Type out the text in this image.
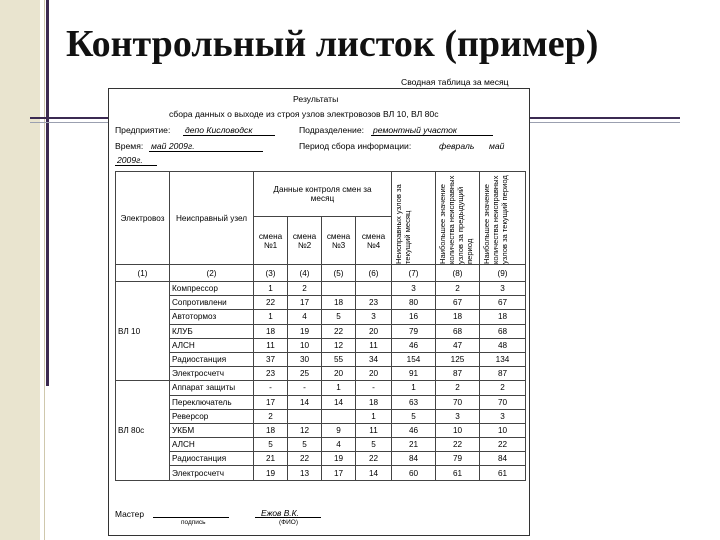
Контрольный листок (пример)
Сводная таблица за месяц
Результаты
сбора данных о выходе из строя узлов электровозов ВЛ 10, ВЛ 80с
Предприятие: депо Кисловодск	Подразделение: ремонтный участок
Время: май 2009г.	Период сбора информации:	февраль май
2009г.
Электровоз	Неисправный узел	Данные контроля смен за месяц				Неисправных узлов за текущий месяц	Наибольшее значение количества неисправных узлов за предыдущий период	Наибольшее значение количества неисправных узлов за текущий период

		смена №1	смена №2	смена №3	смена №4			
(1)	(2)	(3)	(4)	(5)	(6)	(7)	(8)	(9)
ВЛ 10	Компрессор	1	2			3	2	3
	Сопротивлени	22	17	18	23	80	67	67
	Автотормоз	1	4	5	3	16	18	18
	КЛУБ	18	19	22	20	79	68	68
	АЛСН	11	10	12	11	46	47	48
	Радиостанция	37	30	55	34	154	125	134
	Электросчетч	23	25	20	20	91	87	87
ВЛ 80с	Аппарат защиты	-	-	1	-	1	2	2
	Переключатель	17	14	14	18	63	70	70
	Реверсор	2			1	5	3	3
	УКБМ	18	12	9	11	46	10	10
	АЛСН	5	5	4	5	21	22	22
	Радиостанция	21	22	19	22	84	79	84
	Электросчетч	19	13	17	14	60	61	61
Мастер
подпись
Ежов В.К.
(ФИО)
